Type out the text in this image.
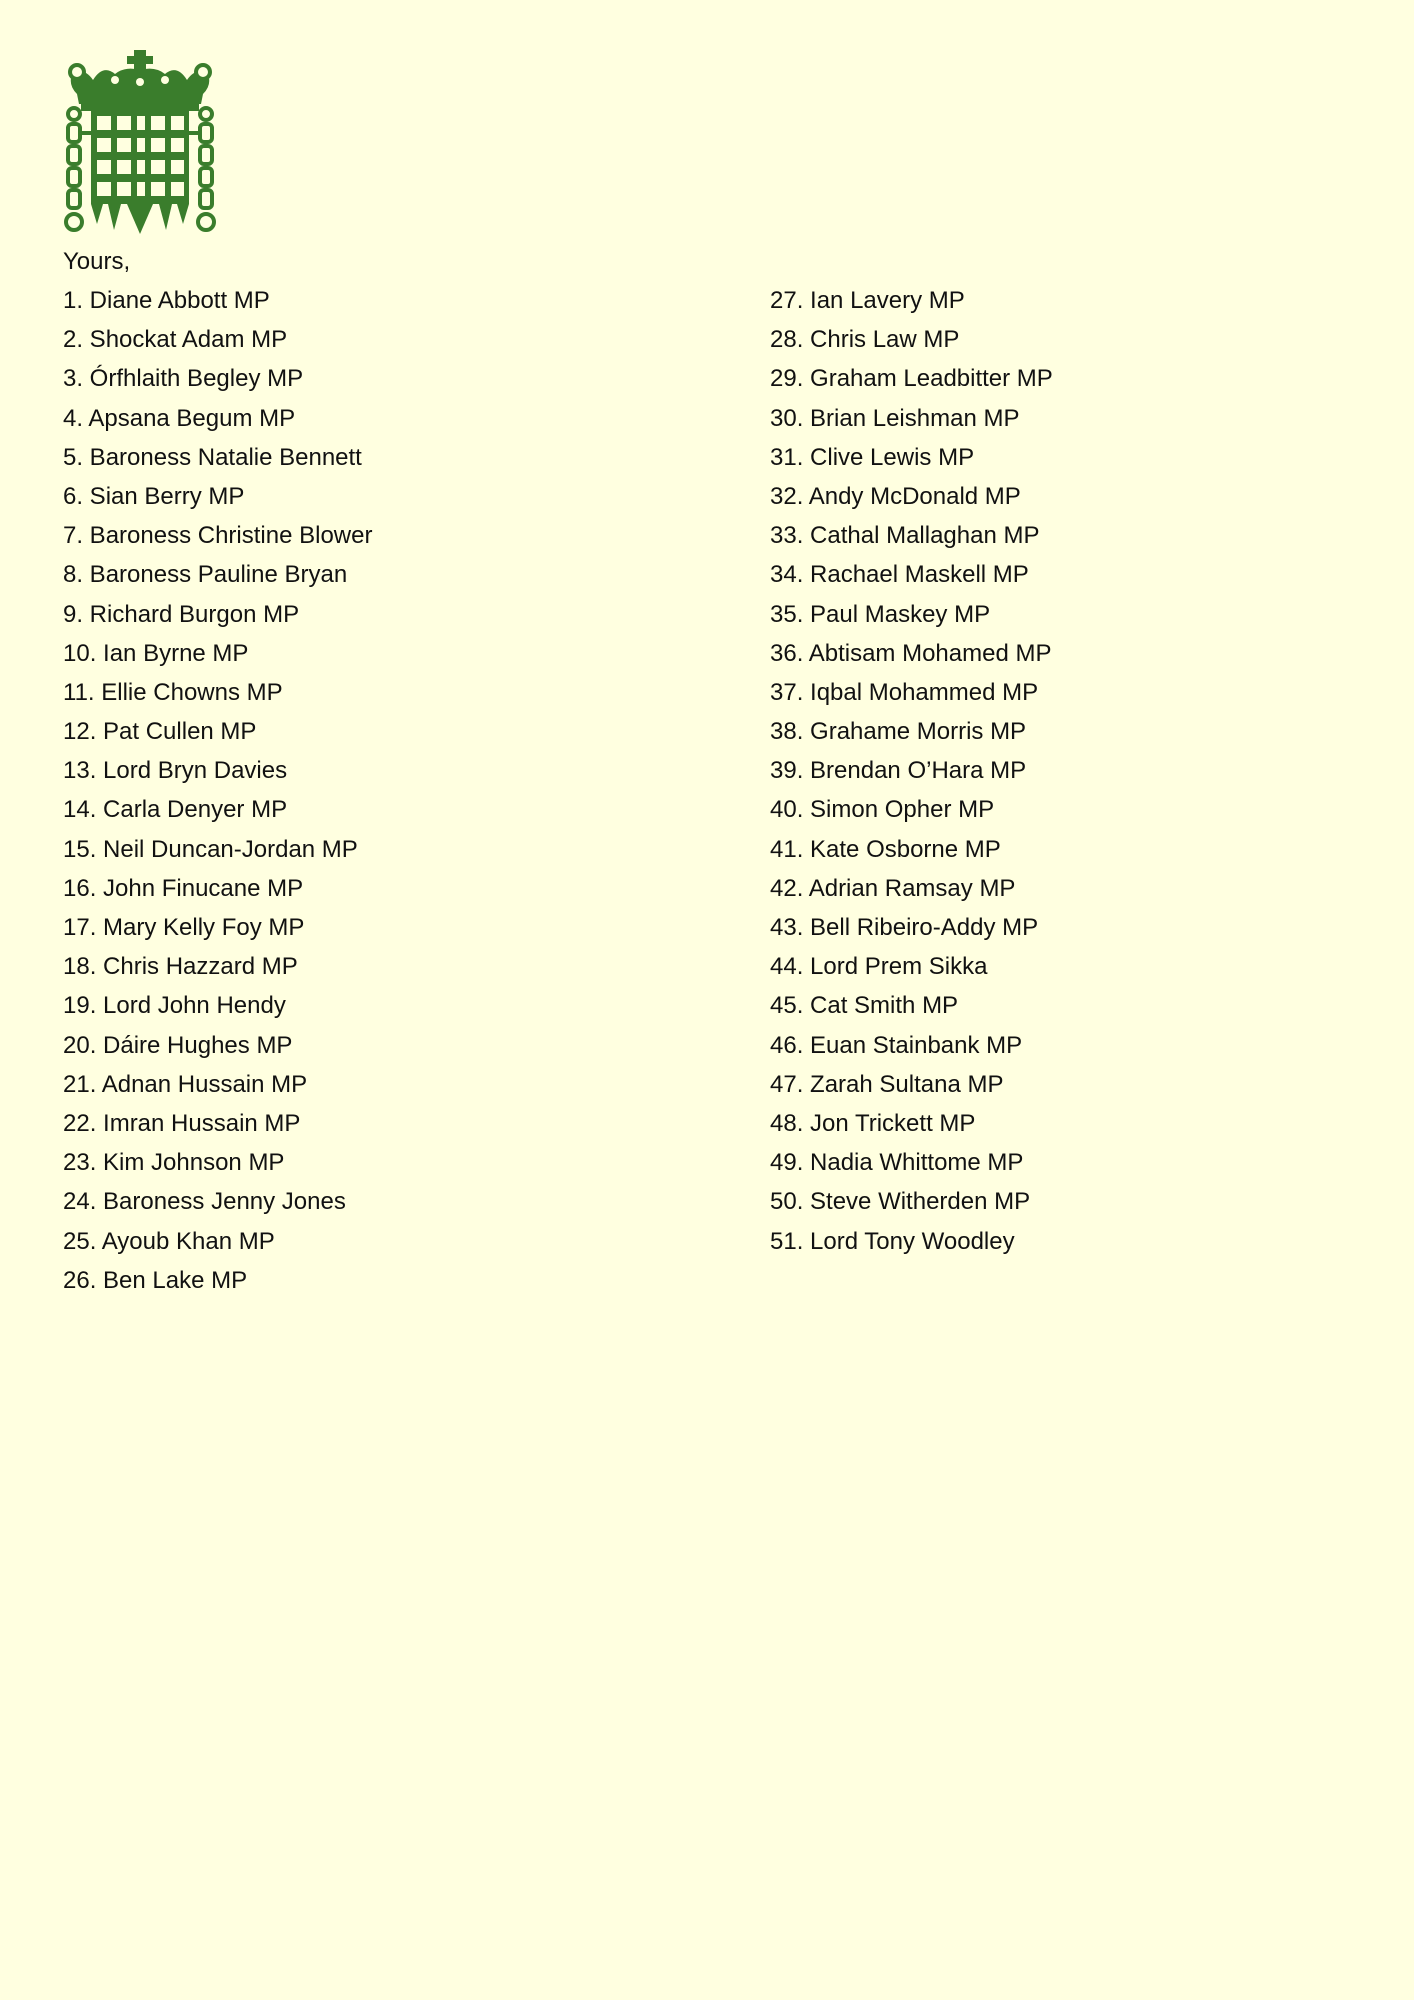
Yours,

1. Diane Abbott MP
2. Shockat Adam MP
3. Órfhlaith Begley MP
4. Apsana Begum MP
5. Baroness Natalie Bennett
6. Sian Berry MP
7. Baroness Christine Blower
8. Baroness Pauline Bryan
9. Richard Burgon MP
10. Ian Byrne MP
11. Ellie Chowns MP
12. Pat Cullen MP
13. Lord Bryn Davies
14. Carla Denyer MP
15. Neil Duncan-Jordan MP
16. John Finucane MP
17. Mary Kelly Foy MP
18. Chris Hazzard MP
19. Lord John Hendy
20. Dáire Hughes MP
21. Adnan Hussain MP
22. Imran Hussain MP
23. Kim Johnson MP
24. Baroness Jenny Jones
25. Ayoub Khan MP
26. Ben Lake MP
27. Ian Lavery MP
28. Chris Law MP
29. Graham Leadbitter MP
30. Brian Leishman MP
31. Clive Lewis MP
32. Andy McDonald MP
33. Cathal Mallaghan MP
34. Rachael Maskell MP
35. Paul Maskey MP
36. Abtisam Mohamed MP
37. Iqbal Mohammed MP
38. Grahame Morris MP
39. Brendan O’Hara MP
40. Simon Opher MP
41. Kate Osborne MP
42. Adrian Ramsay MP
43. Bell Ribeiro-Addy MP
44. Lord Prem Sikka
45. Cat Smith MP
46. Euan Stainbank MP
47. Zarah Sultana MP
48. Jon Trickett MP
49. Nadia Whittome MP
50. Steve Witherden MP
51. Lord Tony Woodley
